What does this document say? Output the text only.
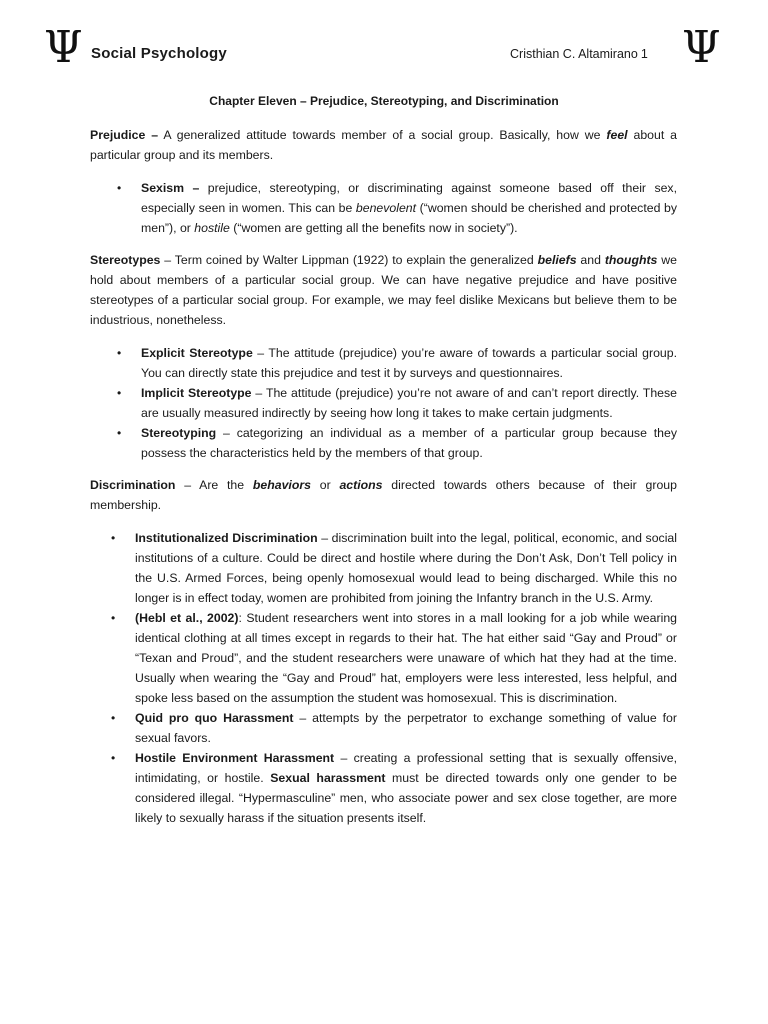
Ψ Social Psychology	Cristhian C. Altamirano 1 Ψ
Chapter Eleven – Prejudice, Stereotyping, and Discrimination

Prejudice – A generalized attitude towards member of a social group. Basically, how we feel about a particular group and its members.

• Sexism – prejudice, stereotyping, or discriminating against someone based off their sex, especially seen in women. This can be benevolent (“women should be cherished and protected by men”), or hostile (“women are getting all the benefits now in society”).

Stereotypes – Term coined by Walter Lippman (1922) to explain the generalized beliefs and thoughts we hold about members of a particular social group. We can have negative prejudice and have positive stereotypes of a particular social group. For example, we may feel dislike Mexicans but believe them to be industrious, nonetheless.

• Explicit Stereotype – The attitude (prejudice) you’re aware of towards a particular social group. You can directly state this prejudice and test it by surveys and questionnaires.
• Implicit Stereotype – The attitude (prejudice) you’re not aware of and can’t report directly. These are usually measured indirectly by seeing how long it takes to make certain judgments.
• Stereotyping – categorizing an individual as a member of a particular group because they possess the characteristics held by the members of that group.

Discrimination – Are the behaviors or actions directed towards others because of their group membership.

• Institutionalized Discrimination – discrimination built into the legal, political, economic, and social institutions of a culture. Could be direct and hostile where during the Don’t Ask, Don’t Tell policy in the U.S. Armed Forces, being openly homosexual would lead to being discharged. While this no longer is in effect today, women are prohibited from joining the Infantry branch in the U.S. Army.
• (Hebl et al., 2002): Student researchers went into stores in a mall looking for a job while wearing identical clothing at all times except in regards to their hat. The hat either said “Gay and Proud” or “Texan and Proud”, and the student researchers were unaware of which hat they had at the time. Usually when wearing the “Gay and Proud” hat, employers were less interested, less helpful, and spoke less based on the assumption the student was homosexual. This is discrimination.
• Quid pro quo Harassment – attempts by the perpetrator to exchange something of value for sexual favors.
• Hostile Environment Harassment – creating a professional setting that is sexually offensive, intimidating, or hostile. Sexual harassment must be directed towards only one gender to be considered illegal. “Hypermasculine” men, who associate power and sex close together, are more likely to sexually harass if the situation presents itself.
